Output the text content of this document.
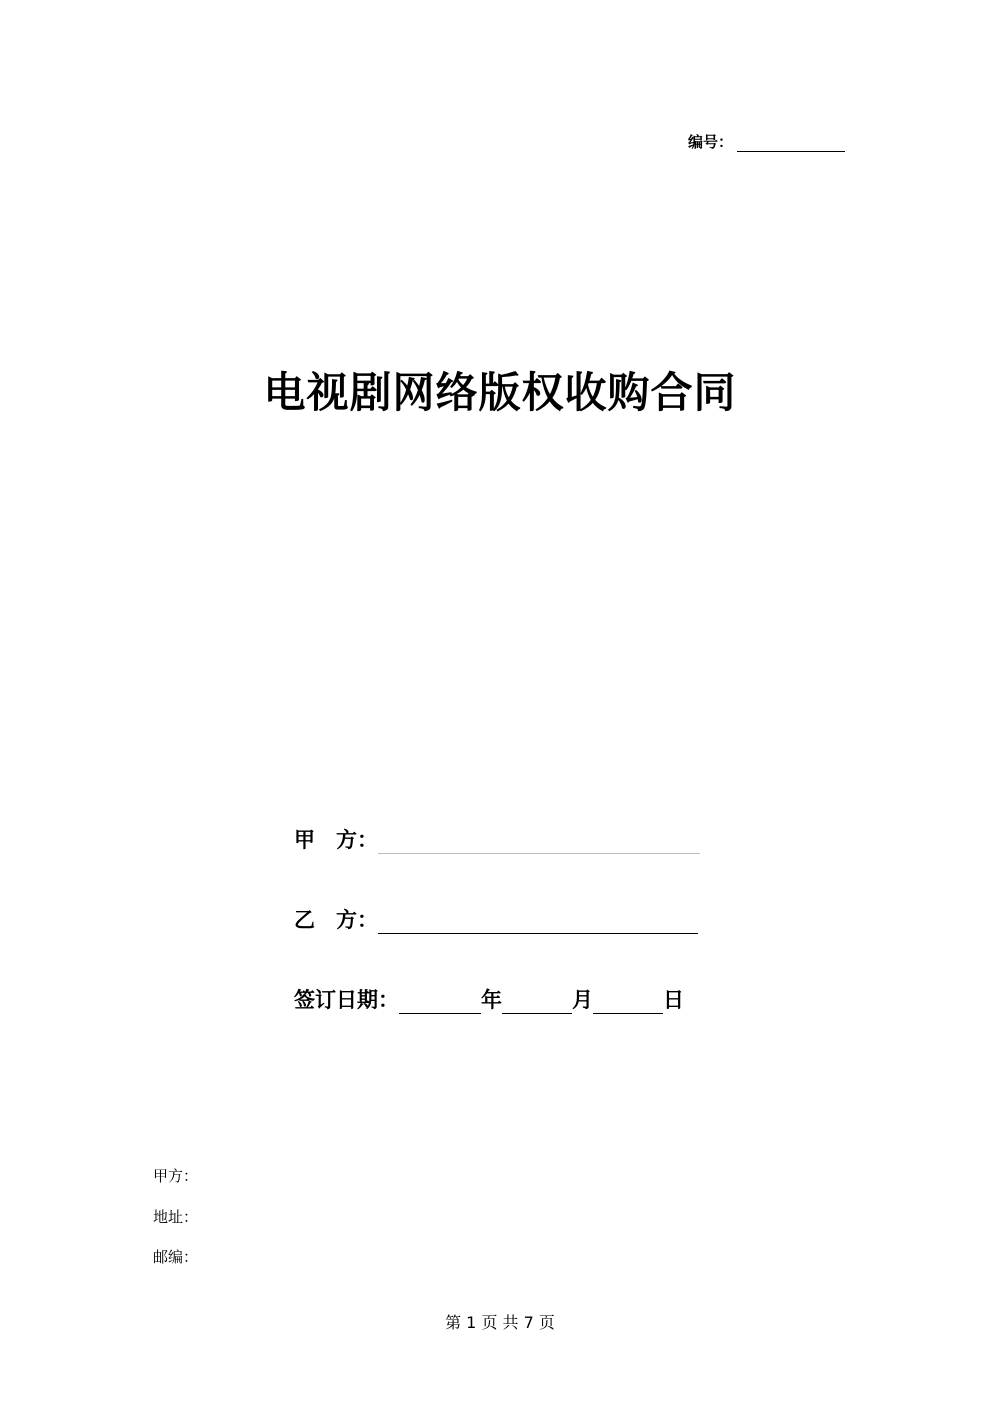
编号：
电视剧网络版权收购合同
甲　方：
乙　方：
签订日期：	年	月	日
甲方：
地址：
邮编：
第 1 页 共 7 页
